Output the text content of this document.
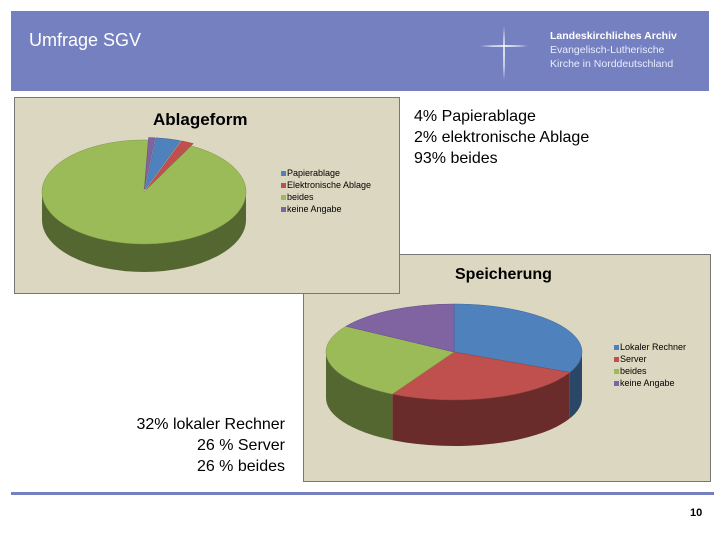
Umfrage SGV	Landeskirchliches Archiv
Evangelisch-Lutherische
Kirche in Norddeutschland
Speicherung
Lokaler Rechner
Server
beides
keine Angabe
Ablageform
Papierablage
Elektronische Ablage
beides
keine Angabe
4% Papierablage
2% elektronische Ablage
93% beides
32% lokaler Rechner
26 % Server
26 % beides
10
